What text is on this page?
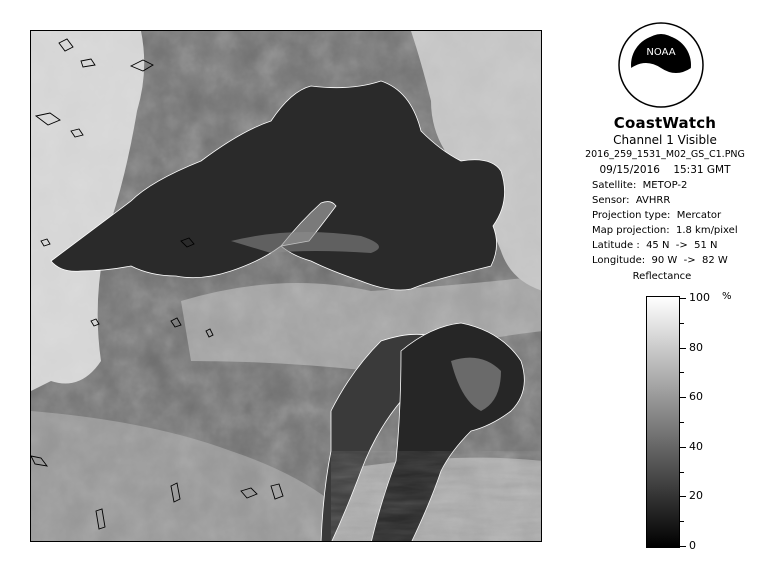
NOAA
CoastWatch
Channel 1 Visible
2016_259_1531_M02_GS_C1.PNG
09/15/2016    15:31 GMT
Satellite:  METOP-2
Sensor:  AVHRR
Projection type:  Mercator
Map projection:  1.8 km/pixel
Latitude :  45 N  ->  51 N
Longitude:  90 W  ->  82 W
Reflectance
%
100
80
60
40
20
0
